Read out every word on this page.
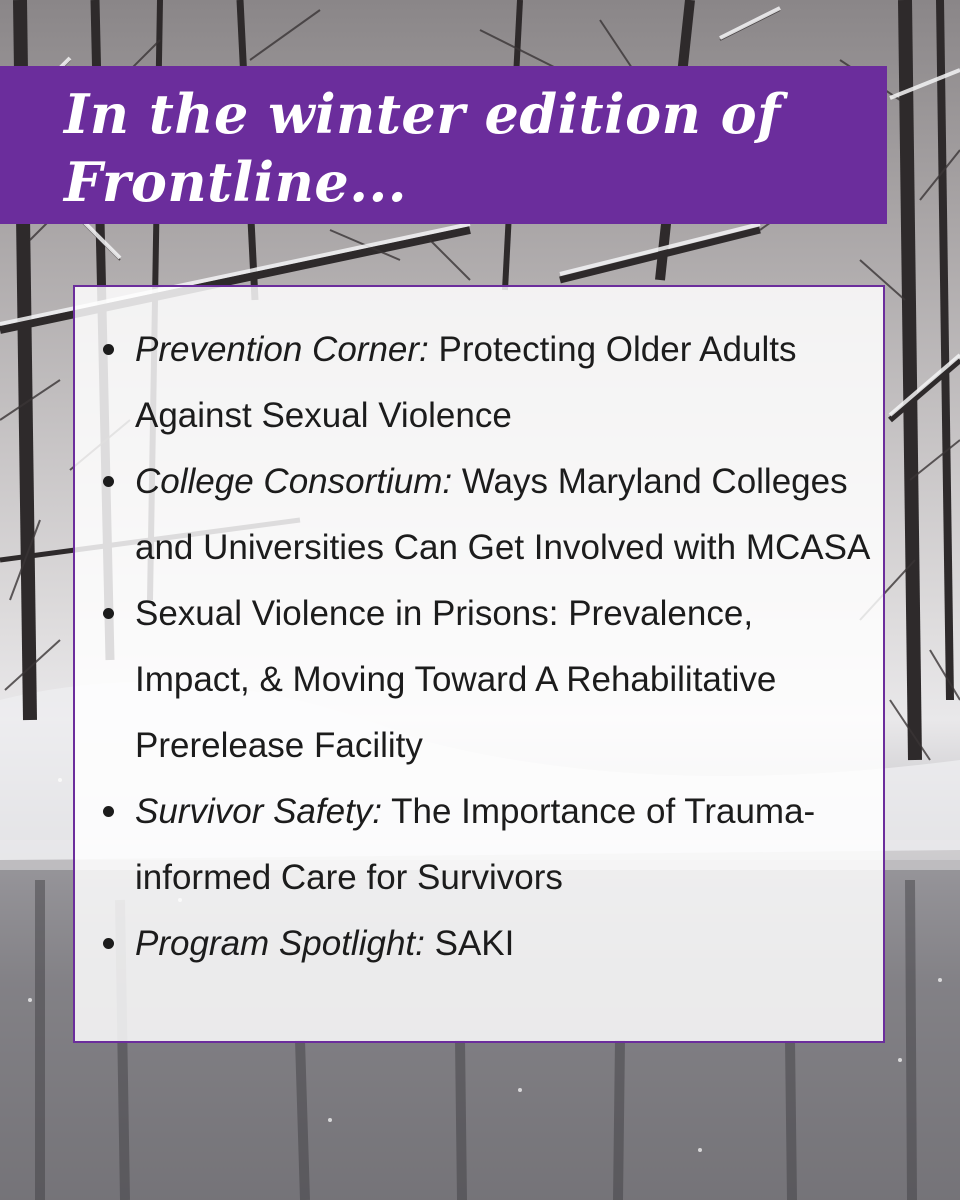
In the winter edition of Frontline...
Prevention Corner: Protecting Older Adults Against Sexual Violence
College Consortium: Ways Maryland Colleges and Universities Can Get Involved with MCASA
Sexual Violence in Prisons: Prevalence, Impact, & Moving Toward A Rehabilitative Prerelease Facility
Survivor Safety: The Importance of Trauma-informed Care for Survivors
Program Spotlight: SAKI
